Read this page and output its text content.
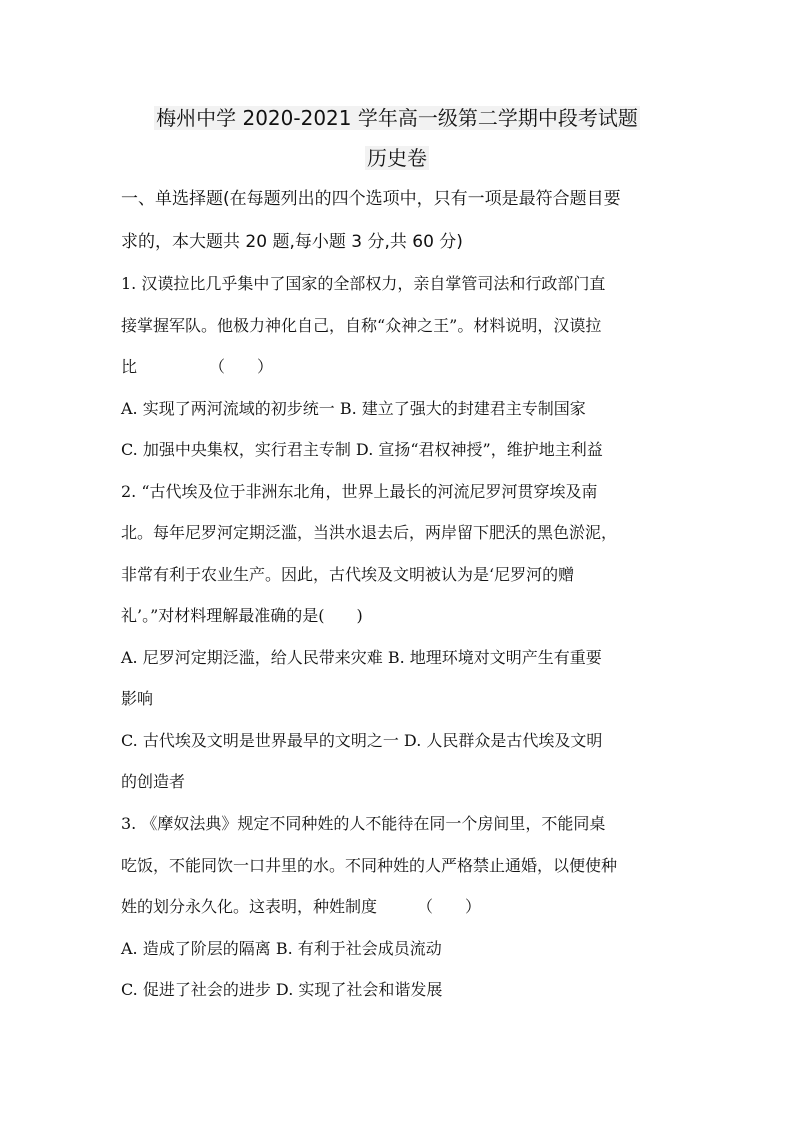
梅州中学 2020-2021 学年高一级第二学期中段考试题
历史卷
一、单选择题(在每题列出的四个选项中，只有一项是最符合题目要
求的，本大题共 20 题,每小题 3 分,共 60 分)
1. 汉谟拉比几乎集中了国家的全部权力，亲自掌管司法和行政部门直
接掌握军队。他极力神化自己，自称“众神之王”。材料说明，汉谟拉
比　　　　　（　　）
A. 实现了两河流域的初步统一 B. 建立了强大的封建君主专制国家
C. 加强中央集权，实行君主专制 D. 宣扬“君权神授”，维护地主利益
2. “古代埃及位于非洲东北角，世界上最长的河流尼罗河贯穿埃及南
北。每年尼罗河定期泛滥，当洪水退去后，两岸留下肥沃的黑色淤泥，
非常有利于农业生产。因此，古代埃及文明被认为是‘尼罗河的赠
礼’。”对材料理解最准确的是(　　)
A. 尼罗河定期泛滥，给人民带来灾难 B. 地理环境对文明产生有重要
影响
C. 古代埃及文明是世界最早的文明之一 D. 人民群众是古代埃及文明
的创造者
3. 《摩奴法典》规定不同种姓的人不能待在同一个房间里，不能同桌
吃饭，不能同饮一口井里的水。不同种姓的人严格禁止通婚，以便使种
姓的划分永久化。这表明，种姓制度　　　（　　）
A. 造成了阶层的隔离 B. 有利于社会成员流动
C. 促进了社会的进步 D. 实现了社会和谐发展
